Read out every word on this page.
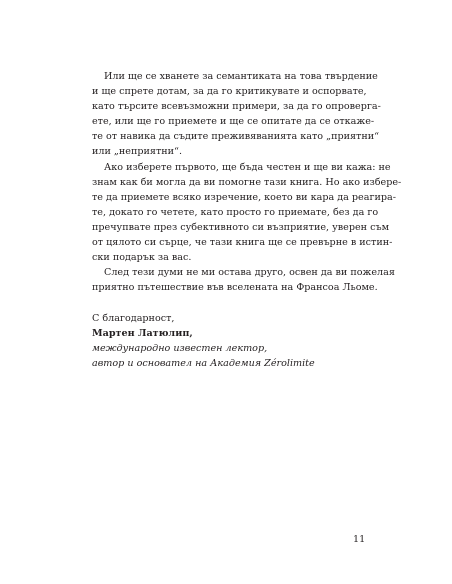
Или ще се хванете за семантиката на това твърдение
и ще спрете дотам, за да го критикувате и оспорвате,
като търсите всевъзможни примери, за да го опроверга-
ете, или ще го приемете и ще се опитате да се откаже-
те от навика да съдите преживяванията като „приятни“
или „неприятни“.
Ако изберете първото, ще бъда честен и ще ви кажа: не
знам как би могла да ви помогне тази книга. Но ако избере-
те да приемете всяко изречение, което ви кара да реагира-
те, докато го четете, като просто го приемате, без да го
пречупвате през субективното си възприятие, уверен съм
от цялото си сърце, че тази книга ще се превърне в истин-
ски подарък за вас.
След тези думи не ми остава друго, освен да ви пожелая
приятно пътешествие във вселената на Франсоа Льоме.
С благодарност,
Мартен Латюлип,
международно известен лектор,
автор и основател на Академия Zérolimite
11
